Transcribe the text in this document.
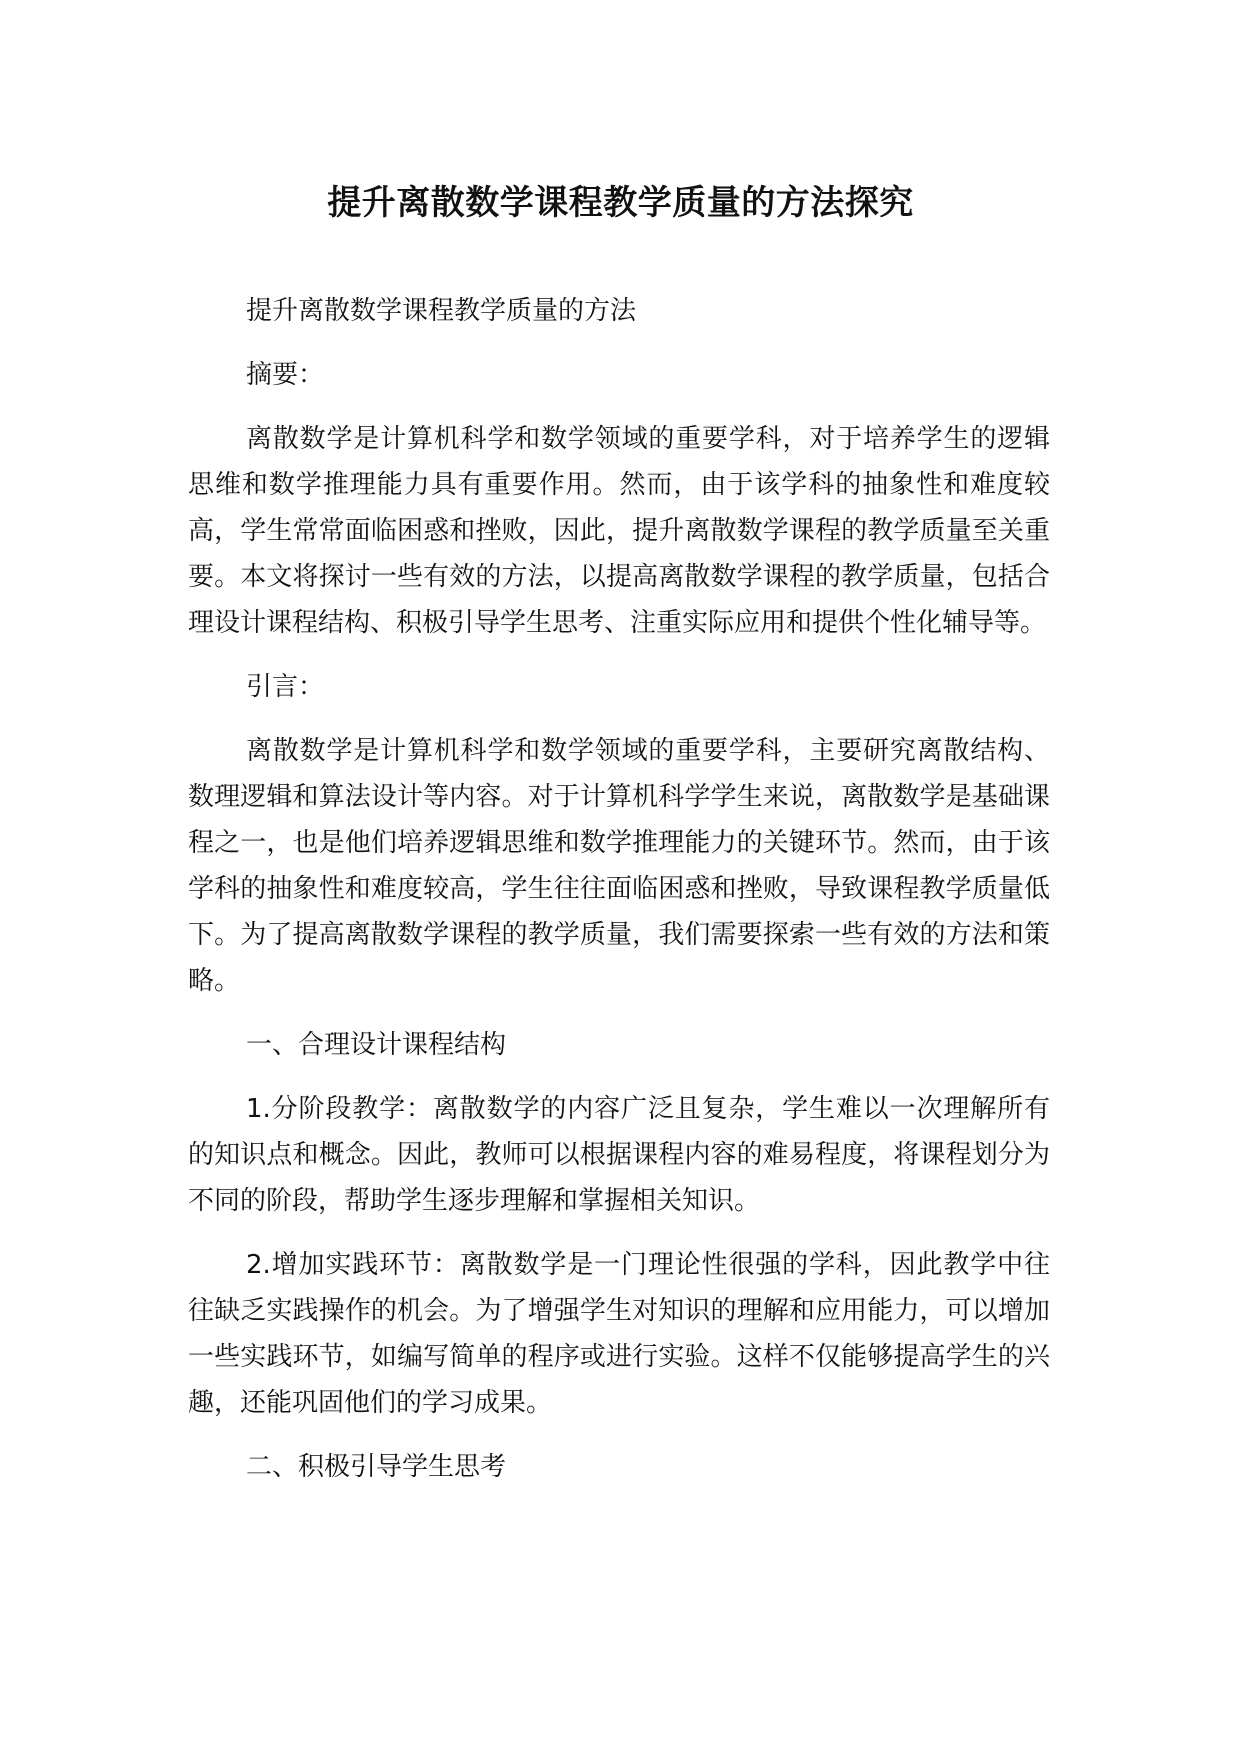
提升离散数学课程教学质量的方法探究

提升离散数学课程教学质量的方法

摘要：

离散数学是计算机科学和数学领域的重要学科，对于培养学生的逻辑思维和数学推理能力具有重要作用。然而，由于该学科的抽象性和难度较高，学生常常面临困惑和挫败，因此，提升离散数学课程的教学质量至关重要。本文将探讨一些有效的方法，以提高离散数学课程的教学质量，包括合理设计课程结构、积极引导学生思考、注重实际应用和提供个性化辅导等。

引言：

离散数学是计算机科学和数学领域的重要学科，主要研究离散结构、数理逻辑和算法设计等内容。对于计算机科学学生来说，离散数学是基础课程之一，也是他们培养逻辑思维和数学推理能力的关键环节。然而，由于该学科的抽象性和难度较高，学生往往面临困惑和挫败，导致课程教学质量低下。为了提高离散数学课程的教学质量，我们需要探索一些有效的方法和策略。

一、合理设计课程结构

1.分阶段教学：离散数学的内容广泛且复杂，学生难以一次理解所有的知识点和概念。因此，教师可以根据课程内容的难易程度，将课程划分为不同的阶段，帮助学生逐步理解和掌握相关知识。

2.增加实践环节：离散数学是一门理论性很强的学科，因此教学中往往缺乏实践操作的机会。为了增强学生对知识的理解和应用能力，可以增加一些实践环节，如编写简单的程序或进行实验。这样不仅能够提高学生的兴趣，还能巩固他们的学习成果。

二、积极引导学生思考
